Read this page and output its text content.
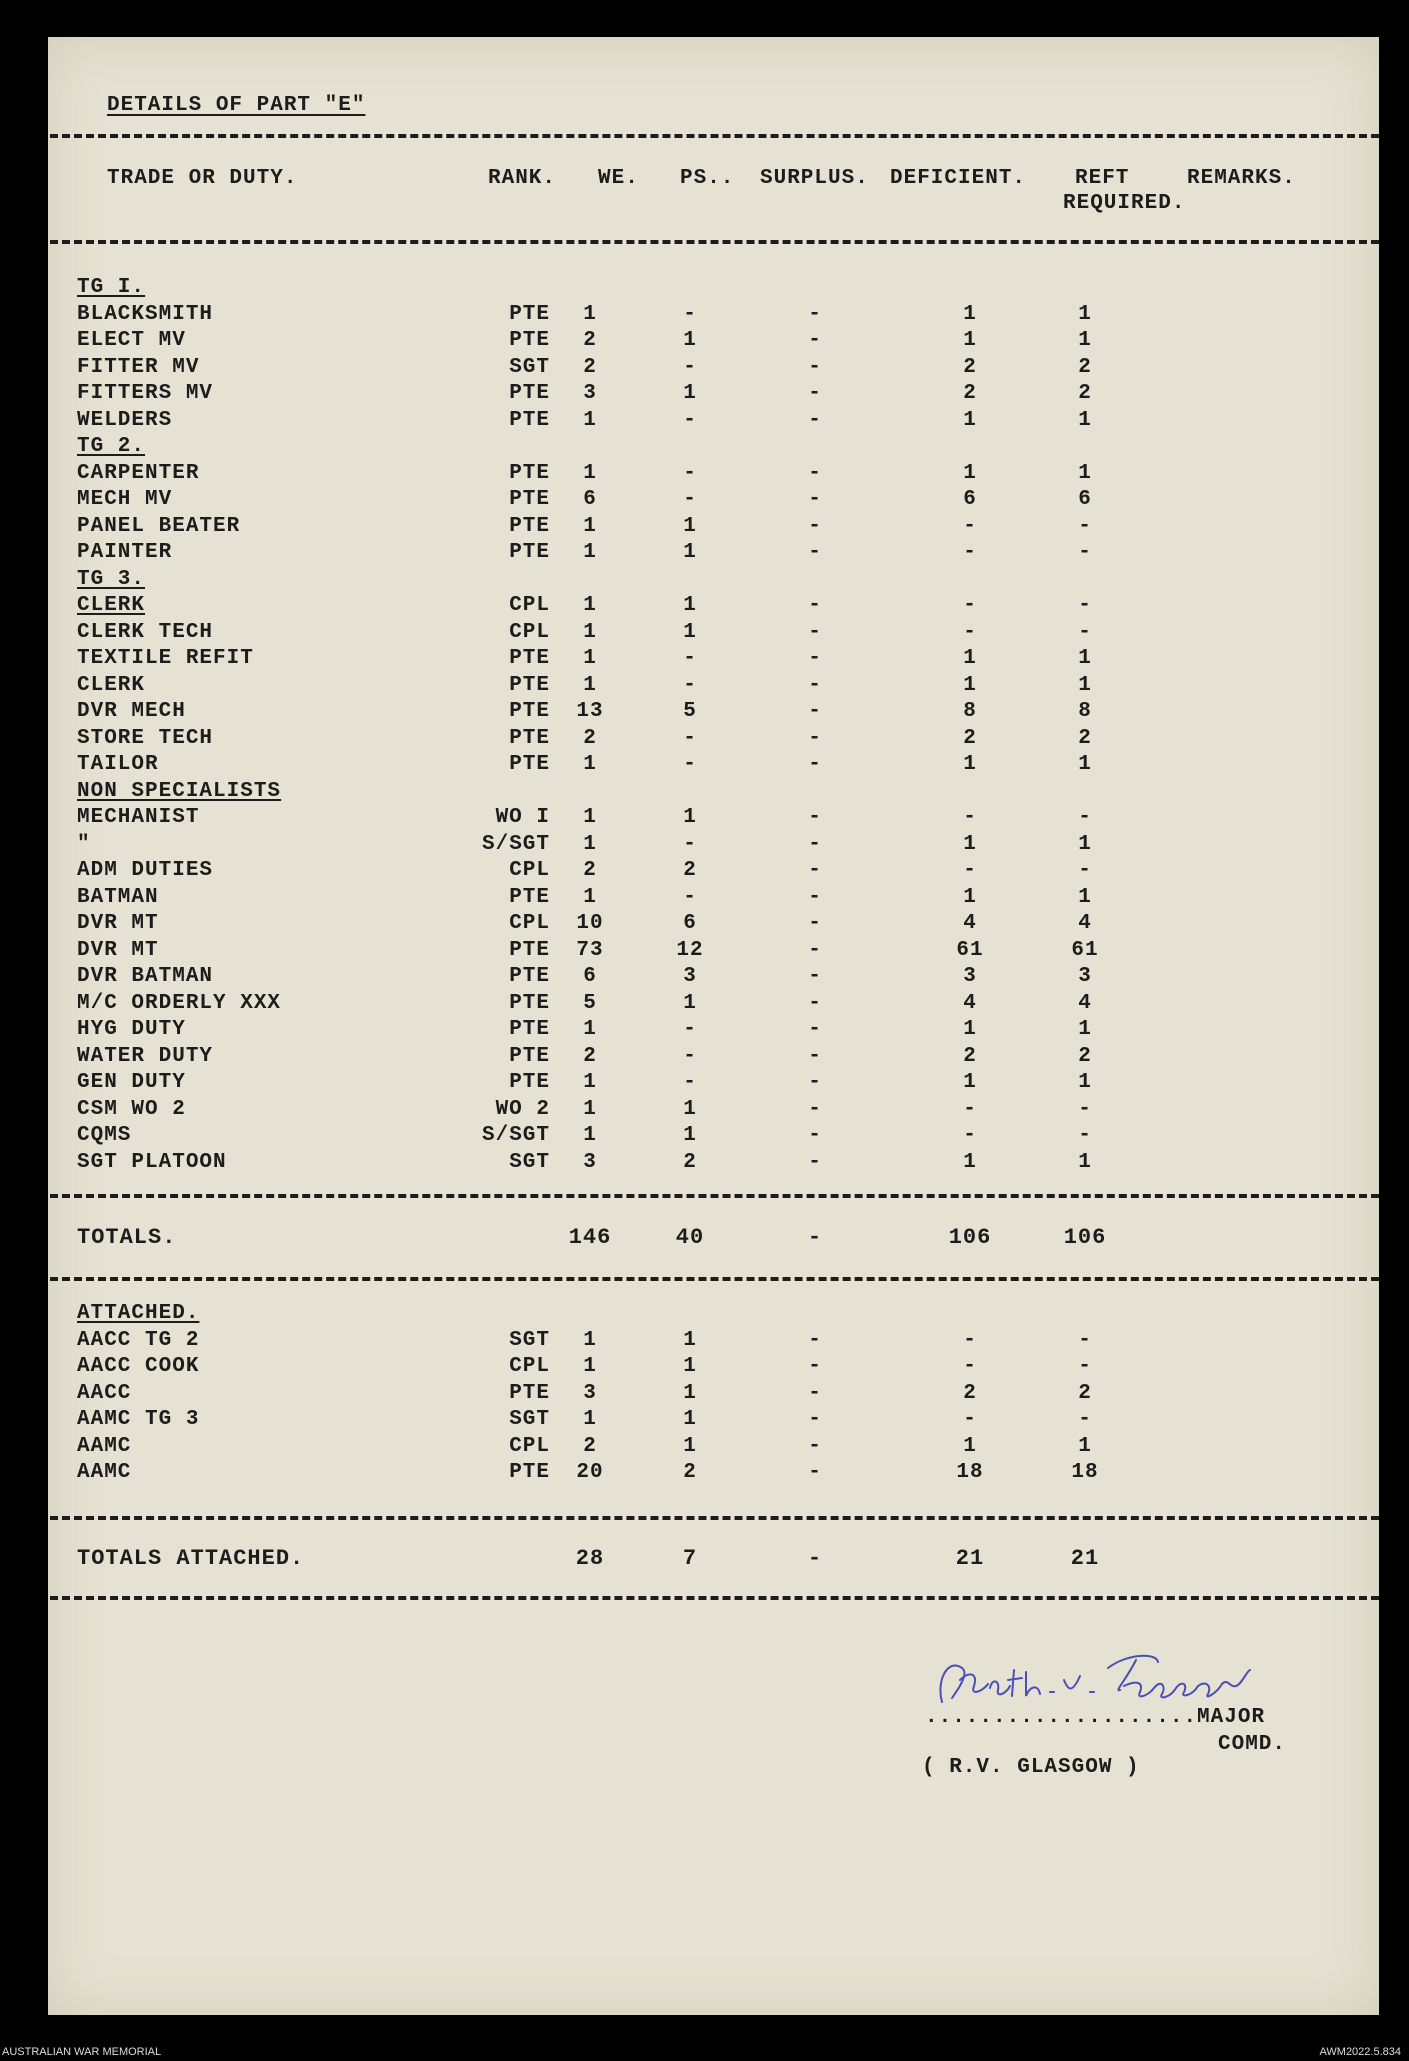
DETAILS OF PART "E"
TRADE OR DUTY.	RANK. WE. PS.. SURPLUS. DEFICIENT. REFT	REMARKS.
REQUIRED.
TG I.
BLACKSMITH	PTE	1	-	-	1	1
ELECT MV	PTE	2	1	-	1	1
FITTER MV	SGT	2	-	-	2	2
FITTERS MV	PTE	3	1	-	2	2
WELDERS	PTE	1	-	-	1	1
TG 2.
CARPENTER	PTE	1	-	-	1	1
MECH MV	PTE	6	-	-	6	6
PANEL BEATER	PTE	1	1	-	-	-
PAINTER	PTE	1	1	-	-	-
TG 3.
CLERK	CPL	1	1	-	-	-
CLERK TECH	CPL	1	1	-	-	-
TEXTILE REFIT	PTE	1	-	-	1	1
CLERK	PTE	1	-	-	1	1
DVR MECH	PTE	13	5	-	8	8
STORE TECH	PTE	2	-	-	2	2
TAILOR	PTE	1	-	-	1	1
NON SPECIALISTS
MECHANIST	WO I	1	1	-	-	-
"	S/SGT	1	-	-	1	1
ADM DUTIES	CPL	2	2	-	-	-
BATMAN	PTE	1	-	-	1	1
DVR MT	CPL	10	6	-	4	4
DVR MT	PTE	73	12	-	61	61
DVR BATMAN	PTE	6	3	-	3	3
M/C ORDERLY XXX	PTE	5	1	-	4	4
HYG DUTY	PTE	1	-	-	1	1
WATER DUTY	PTE	2	-	-	2	2
GEN DUTY	PTE	1	-	-	1	1
CSM WO 2	WO 2	1	1	-	-	-
CQMS	S/SGT	1	1	-	-	-
SGT PLATOON	SGT	3	2	-	1	1
TOTALS.	146	40	-	106	106
ATTACHED.
AACC TG 2	SGT	1	1	-	-	-
AACC COOK	CPL	1	1	-	-	-
AACC	PTE	3	1	-	2	2
AAMC TG 3	SGT	1	1	-	-	-
AAMC	CPL	2	1	-	1	1
AAMC	PTE	20	2	-	18	18
TOTALS ATTACHED.	28	7	-	21	21
....................MAJOR
COMD.
( R.V. GLASGOW )
AUSTRALIAN WAR MEMORIAL	AWM2022.5.834
